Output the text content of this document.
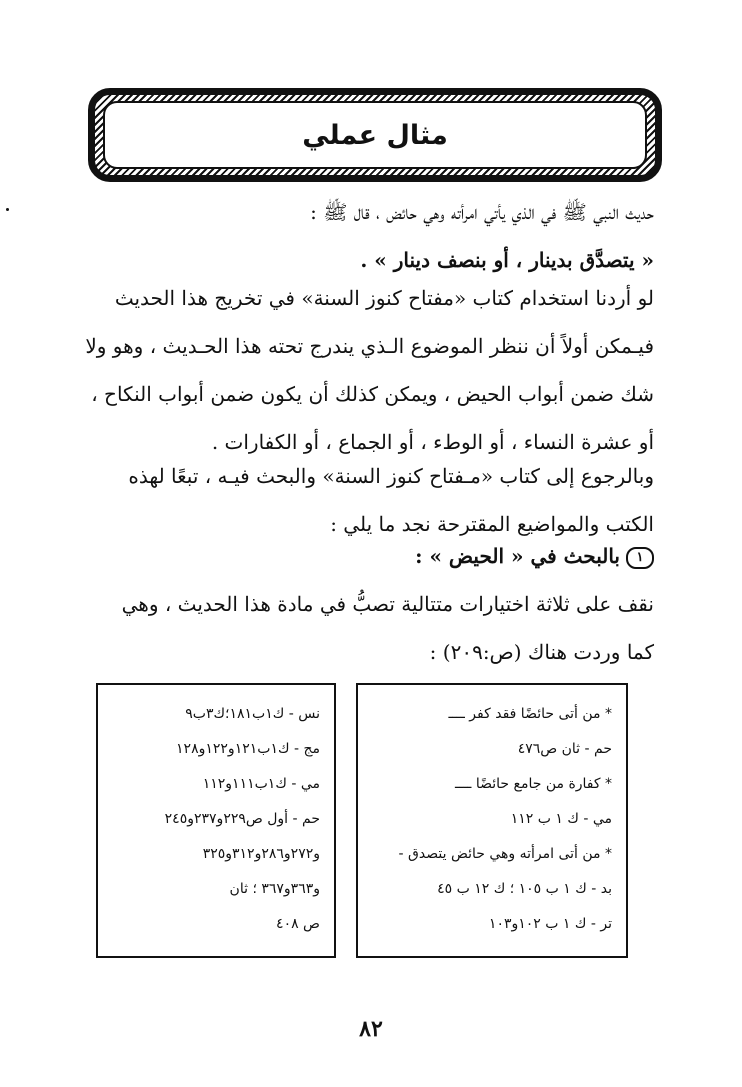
مثال عملي
حديث النبي ﷺ في الذي يأتي امرأته وهي حائض ، قال ﷺ :
« يتصدَّق بدينار ، أو بنصف دينار » .
لو أردنا استخدام كتاب «مفتاح كنوز السنة» في تخريج هذا الحديث
فيـمكن أولاً أن ننظر الموضوع الـذي يندرج تحته هذا الحـديث ، وهو ولا
شك ضمن أبواب الحيض ، ويمكن كذلك أن يكون ضمن أبواب النكاح ،
أو عشرة النساء ، أو الوطء ، أو الجماع ، أو الكفارات .
وبالرجوع إلى كتاب «مـفتاح كنوز السنة» والبحث فيـه ، تبعًا لهذه
الكتب والمواضيع المقترحة نجد ما يلي :
١بالبحث في « الحيض » :
نقف على ثلاثة اختيارات متتالية تصبُّ في مادة هذا الحديث ، وهي
كما وردت هناك (ص:٢٠٩) :
* من أتى حائضًا فقد كفر ــــ
حم - ثان ص٤٧٦
* كفارة من جامع حائضًا ــــ
مي - ك ١ ب ١١٢
* من أتى امرأته وهي حائض يتصدق -
بد - ك ١ ب ١٠٥ ؛ ك ١٢ ب ٤٥
تر - ك ١ ب ١٠٢و١٠٣
نس - ك١ب١٨١؛ك٣ب٩
مج - ك١ب١٢١و١٢٢و١٢٨
مي - ك١ب١١١و١١٢
حم - أول ص٢٢٩و٢٣٧و٢٤٥
و٢٧٢و٢٨٦و٣١٢و٣٢٥
و٣٦٣و٣٦٧ ؛ ثان
ص ٤٠٨
٨٢
